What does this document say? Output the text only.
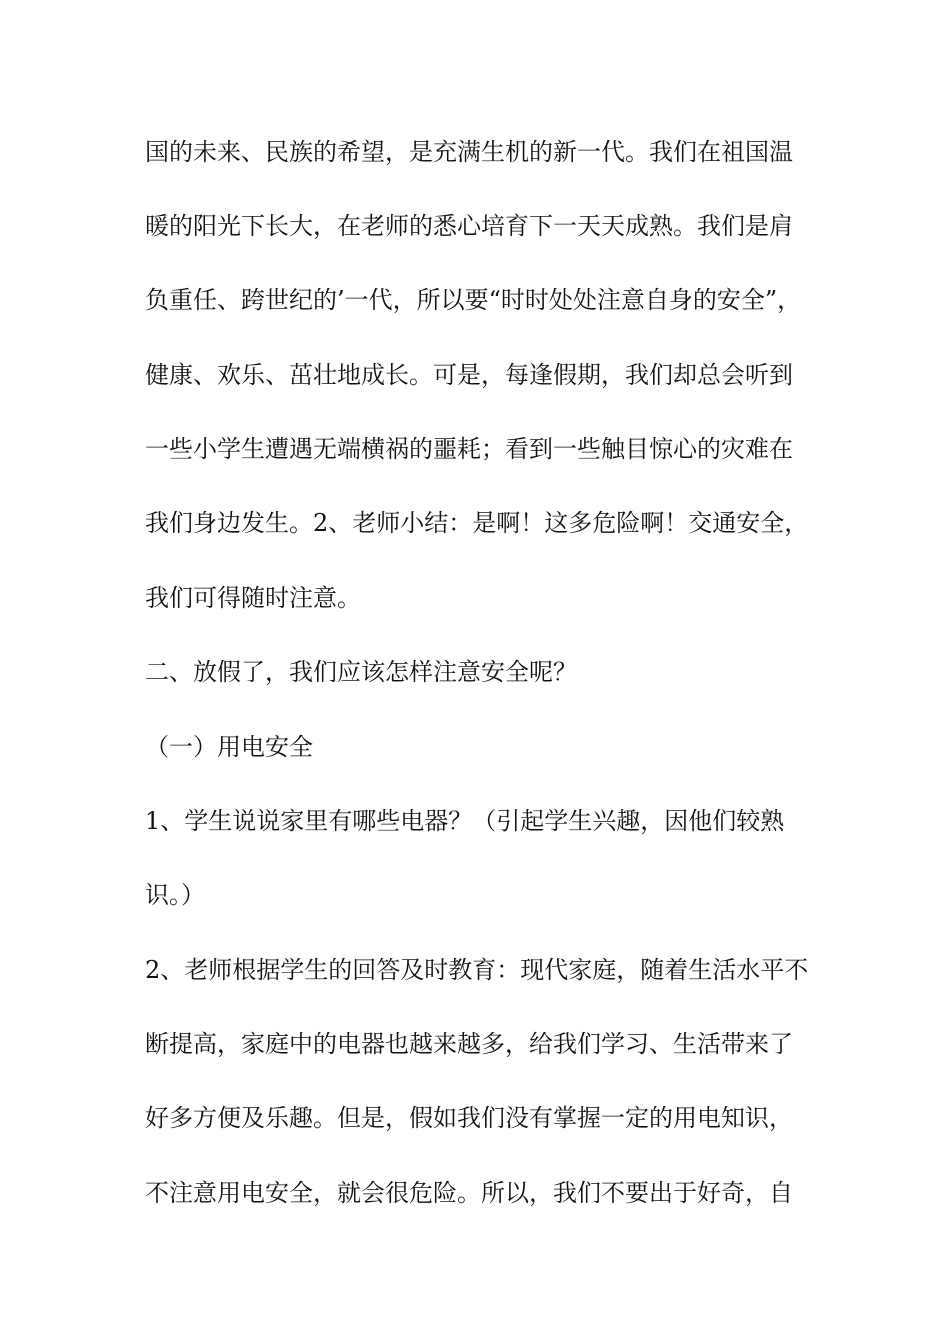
国的未来、民族的希望，是充满生机的新一代。我们在祖国温
暖的阳光下长大，在老师的悉心培育下一天天成熟。我们是肩
负重任、跨世纪的’一代，所以要“时时处处注意自身的安全”，
健康、欢乐、茁壮地成长。可是，每逢假期，我们却总会听到
一些小学生遭遇无端横祸的噩耗；看到一些触目惊心的灾难在
我们身边发生。2、老师小结：是啊！这多危险啊！交通安全，
我们可得随时注意。
二、放假了，我们应该怎样注意安全呢？
（一）用电安全
1、学生说说家里有哪些电器？（引起学生兴趣，因他们较熟
识。）
2、老师根据学生的回答及时教育：现代家庭，随着生活水平不
断提高，家庭中的电器也越来越多，给我们学习、生活带来了
好多方便及乐趣。但是，假如我们没有掌握一定的用电知识，
不注意用电安全，就会很危险。所以，我们不要出于好奇，自
